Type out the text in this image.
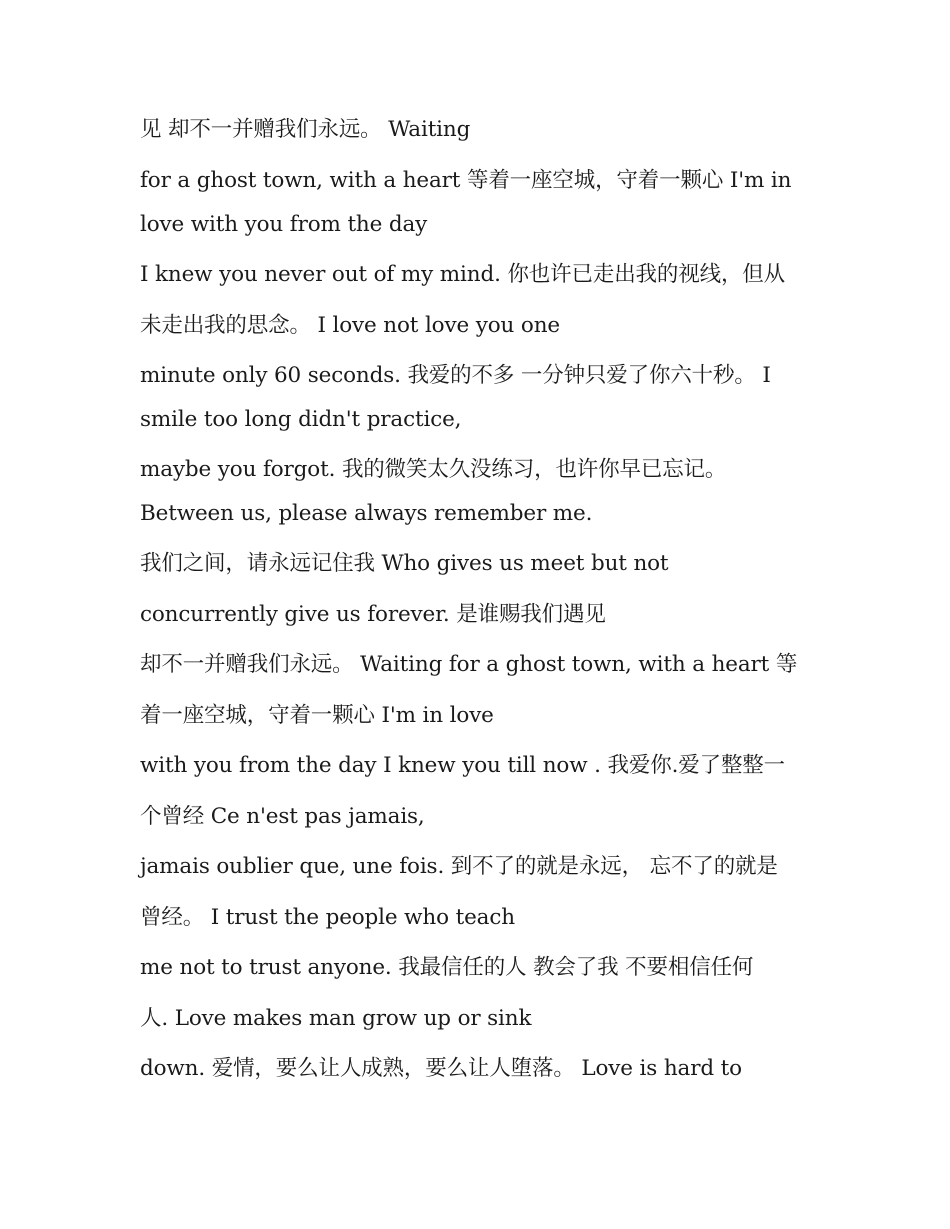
见 却不一并赠我们永远。 Waiting

for a ghost town, with a heart 等着一座空城，守着一颗心 I'm in

love with you from the day

I knew you never out of my mind. 你也许已走出我的视线，但从

未走出我的思念。 I love not love you one

minute only 60 seconds. 我爱的不多 一分钟只爱了你六十秒。 I

smile too long didn't practice,

maybe you forgot. 我的微笑太久没练习，也许你早已忘记。

Between us, please always remember me.

我们之间，请永远记住我 Who gives us meet but not

concurrently give us forever. 是谁赐我们遇见

却不一并赠我们永远。 Waiting for a ghost town, with a heart 等

着一座空城，守着一颗心 I'm in love

with you from the day I knew you till now . 我爱你.爱了整整一

个曾经 Ce n'est pas jamais,

jamais oublier que, une fois. 到不了的就是永远， 忘不了的就是

曾经。 I trust the people who teach

me not to trust anyone. 我最信任的人 教会了我 不要相信任何

人. Love makes man grow up or sink

down. 爱情，要么让人成熟，要么让人堕落。 Love is hard to
